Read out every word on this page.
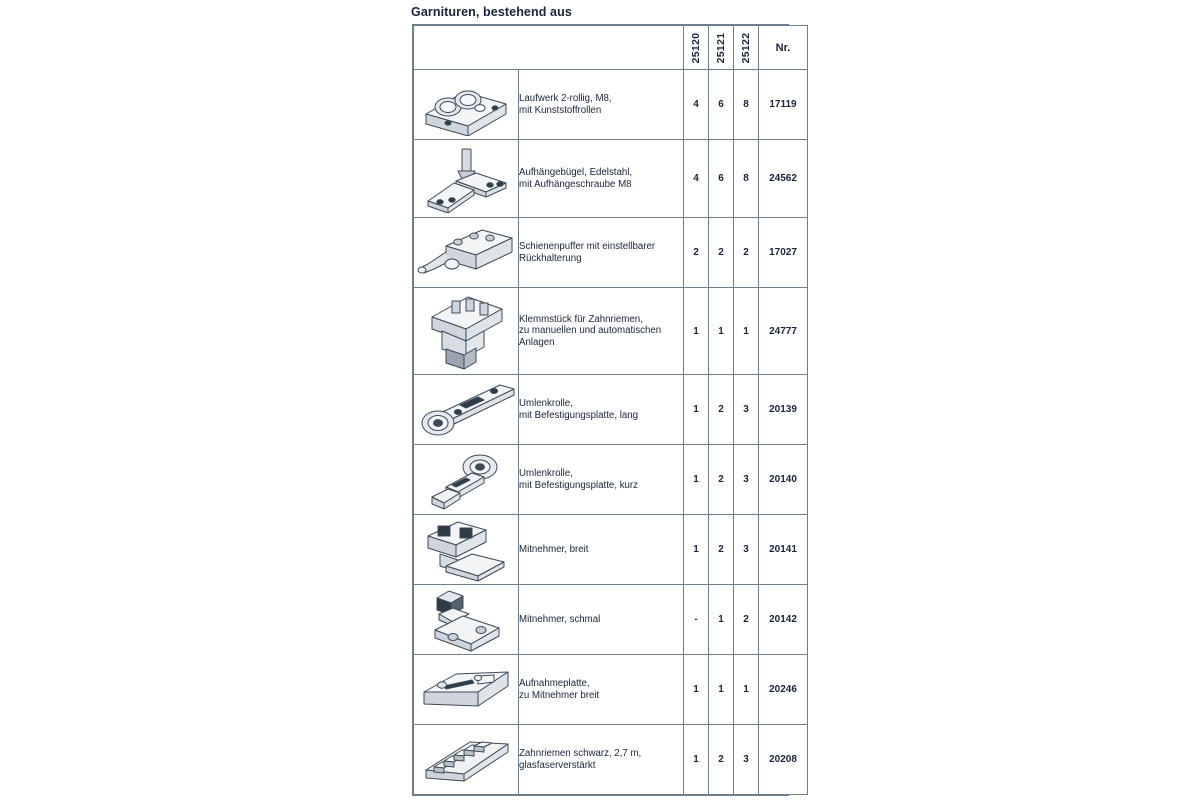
Garnituren, bestehend aus

		25120	25121	25122	Nr.

Laufwerk 2-rollig, M8,
mit Kunststoffrollen	4	6	8	17119

Aufhängebügel, Edelstahl,
mit Aufhängeschraube M8	4	6	8	24562

Schienenpuffer mit einstellbarer
Rückhalterung	2	2	2	17027

Klemmstück für Zahnriemen,
zu manuellen und automatischen
Anlagen	1	1	1	24777

Umlenkrolle,
mit Befestigungsplatte, lang	1	2	3	20139

Umlenkrolle,
mit Befestigungsplatte, kurz	1	2	3	20140

Mitnehmer, breit	1	2	3	20141

Mitnehmer, schmal	-	1	2	20142

Aufnahmeplatte,
zu Mitnehmer breit	1	1	1	20246

Zahnriemen schwarz, 2,7 m,
glasfaserverstärkt	1	2	3	20208
